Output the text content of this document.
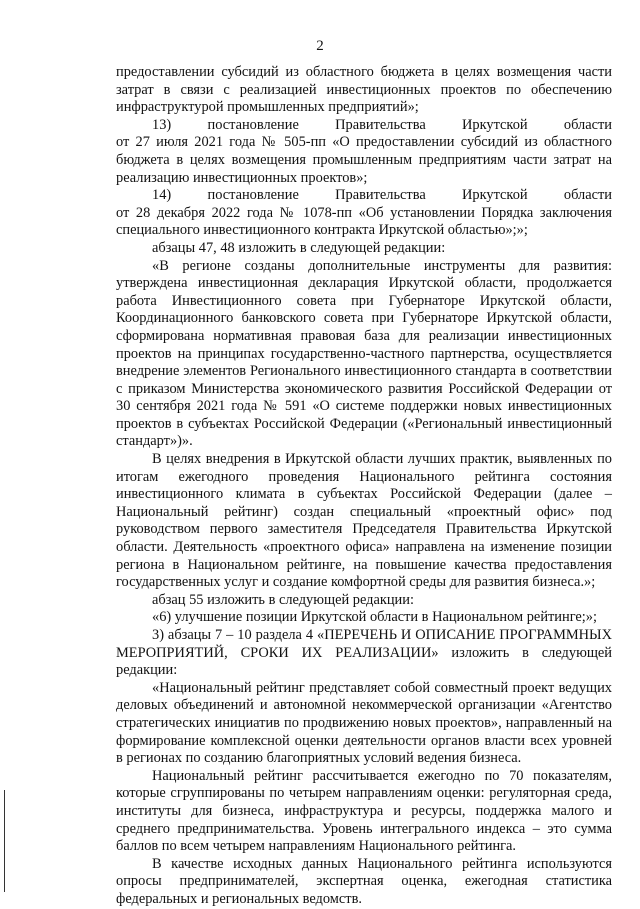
2

предоставлении субсидий из областного бюджета в целях возмещения части затрат в связи с реализацией инвестиционных проектов по обеспечению инфраструктурой промышленных предприятий»;

13) постановление Правительства Иркутской области

от 27 июля 2021 года № 505-пп «О предоставлении субсидий из областного бюджета в целях возмещения промышленным предприятиям части затрат на реализацию инвестиционных проектов»;

14) постановление Правительства Иркутской области

от 28 декабря 2022 года № 1078-пп «Об установлении Порядка заключения специального инвестиционного контракта Иркутской областью»;»;

абзацы 47, 48 изложить в следующей редакции:

«В регионе созданы дополнительные инструменты для развития: утверждена инвестиционная декларация Иркутской области, продолжается работа Инвестиционного совета при Губернаторе Иркутской области, Координационного банковского совета при Губернаторе Иркутской области, сформирована нормативная правовая база для реализации инвестиционных проектов на принципах государственно-частного партнерства, осуществляется внедрение элементов Регионального инвестиционного стандарта в соответствии с приказом Министерства экономического развития Российской Федерации от 30 сентября 2021 года № 591 «О системе поддержки новых инвестиционных проектов в субъектах Российской Федерации («Региональный инвестиционный стандарт»)».

В целях внедрения в Иркутской области лучших практик, выявленных по итогам ежегодного проведения Национального рейтинга состояния инвестиционного климата в субъектах Российской Федерации (далее – Национальный рейтинг) создан специальный «проектный офис» под руководством первого заместителя Председателя Правительства Иркутской области. Деятельность «проектного офиса» направлена на изменение позиции региона в Национальном рейтинге, на повышение качества предоставления государственных услуг и создание комфортной среды для развития бизнеса.»;

абзац 55 изложить в следующей редакции:

«6) улучшение позиции Иркутской области в Национальном рейтинге;»;

3) абзацы 7 – 10 раздела 4 «ПЕРЕЧЕНЬ И ОПИСАНИЕ ПРОГРАММНЫХ МЕРОПРИЯТИЙ, СРОКИ ИХ РЕАЛИЗАЦИИ» изложить в следующей редакции:

«Национальный рейтинг представляет собой совместный проект ведущих деловых объединений и автономной некоммерческой организации «Агентство стратегических инициатив по продвижению новых проектов», направленный на формирование комплексной оценки деятельности органов власти всех уровней в регионах по созданию благоприятных условий ведения бизнеса.

Национальный рейтинг рассчитывается ежегодно по 70 показателям, которые сгруппированы по четырем направлениям оценки: регуляторная среда, институты для бизнеса, инфраструктура и ресурсы, поддержка малого и среднего предпринимательства. Уровень интегрального индекса – это сумма баллов по всем четырем направлениям Национального рейтинга.

В качестве исходных данных Национального рейтинга используются опросы предпринимателей, экспертная оценка, ежегодная статистика федеральных и региональных ведомств.
